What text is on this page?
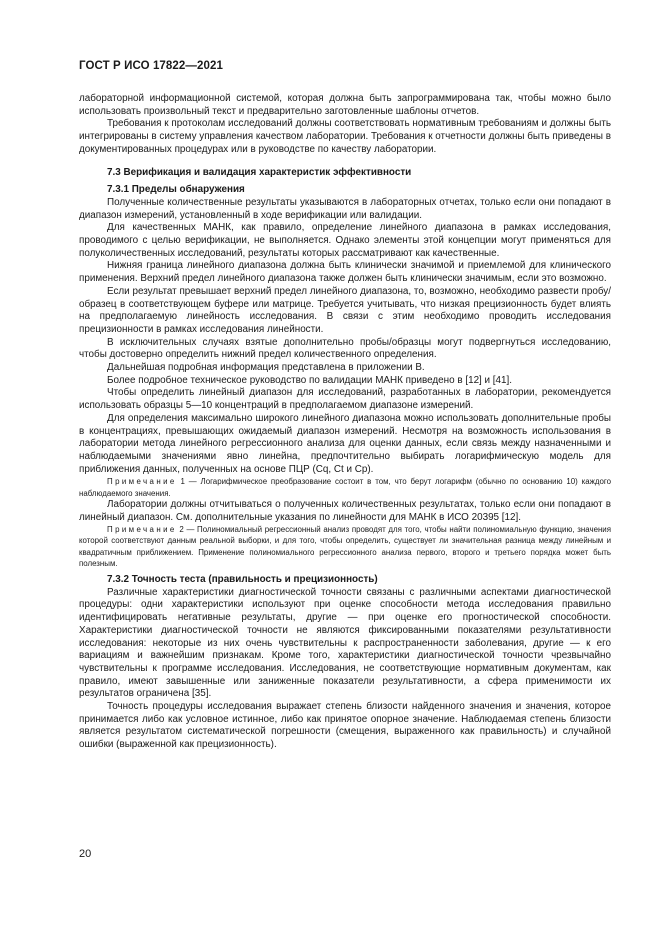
ГОСТ Р ИСО 17822—2021

лабораторной информационной системой, которая должна быть запрограммирована так, чтобы можно было использовать произвольный текст и предварительно заготовленные шаблоны отчетов.

Требования к протоколам исследований должны соответствовать нормативным требованиям и должны быть интегрированы в систему управления качеством лаборатории. Требования к отчетности должны быть приведены в документированных процедурах или в руководстве по качеству лаборатории.

7.3 Верификация и валидация характеристик эффективности
7.3.1 Пределы обнаружения

Полученные количественные результаты указываются в лабораторных отчетах, только если они попадают в диапазон измерений, установленный в ходе верификации или валидации.

Для качественных МАНК, как правило, определение линейного диапазона в рамках исследования, проводимого с целью верификации, не выполняется. Однако элементы этой концепции могут применяться для полуколичественных исследований, результаты которых рассматривают как качественные.

Нижняя граница линейного диапазона должна быть клинически значимой и приемлемой для клинического применения. Верхний предел линейного диапазона также должен быть клинически значимым, если это возможно.

Если результат превышает верхний предел линейного диапазона, то, возможно, необходимо развести пробу/образец в соответствующем буфере или матрице. Требуется учитывать, что низкая прецизионность будет влиять на предполагаемую линейность исследования. В связи с этим необходимо проводить исследования прецизионности в рамках исследования линейности.

В исключительных случаях взятые дополнительно пробы/образцы могут подвергнуться исследованию, чтобы достоверно определить нижний предел количественного определения.

Дальнейшая подробная информация представлена в приложении В.

Более подробное техническое руководство по валидации МАНК приведено в [12] и [41].

Чтобы определить линейный диапазон для исследований, разработанных в лаборатории, рекомендуется использовать образцы 5—10 концентраций в предполагаемом диапазоне измерений.

Для определения максимально широкого линейного диапазона можно использовать дополнительные пробы в концентрациях, превышающих ожидаемый диапазон измерений. Несмотря на возможность использования в лаборатории метода линейного регрессионного анализа для оценки данных, если связь между назначенными и наблюдаемыми значениями явно линейна, предпочтительно выбирать логарифмическую модель для приближения данных, полученных на основе ПЦР (Cq, Ct и Cp).

Примечание 1 — Логарифмическое преобразование состоит в том, что берут логарифм (обычно по основанию 10) каждого наблюдаемого значения.

Лаборатории должны отчитываться о полученных количественных результатах, только если они попадают в линейный диапазон. См. дополнительные указания по линейности для МАНК в ИСО 20395 [12].

Примечание 2 — Полиномиальный регрессионный анализ проводят для того, чтобы найти полиномиальную функцию, значения которой соответствуют данным реальной выборки, и для того, чтобы определить, существует ли значительная разница между линейным и квадратичным приближением. Применение полиномиального регрессионного анализа первого, второго и третьего порядка может быть полезным.

7.3.2 Точность теста (правильность и прецизионность)

Различные характеристики диагностической точности связаны с различными аспектами диагностической процедуры: одни характеристики используют при оценке способности метода исследования правильно идентифицировать негативные результаты, другие — при оценке его прогностической способности. Характеристики диагностической точности не являются фиксированными показателями результативности исследования: некоторые из них очень чувствительны к распространенности заболевания, другие — к его вариациям и важнейшим признакам. Кроме того, характеристики диагностической точности чрезвычайно чувствительны к программе исследования. Исследования, не соответствующие нормативным документам, как правило, имеют завышенные или заниженные показатели результативности, а сфера применимости их результатов ограничена [35].

Точность процедуры исследования выражает степень близости найденного значения и значения, которое принимается либо как условное истинное, либо как принятое опорное значение. Наблюдаемая степень близости является результатом систематической погрешности (смещения, выраженного как правильность) и случайной ошибки (выраженной как прецизионность).

20
